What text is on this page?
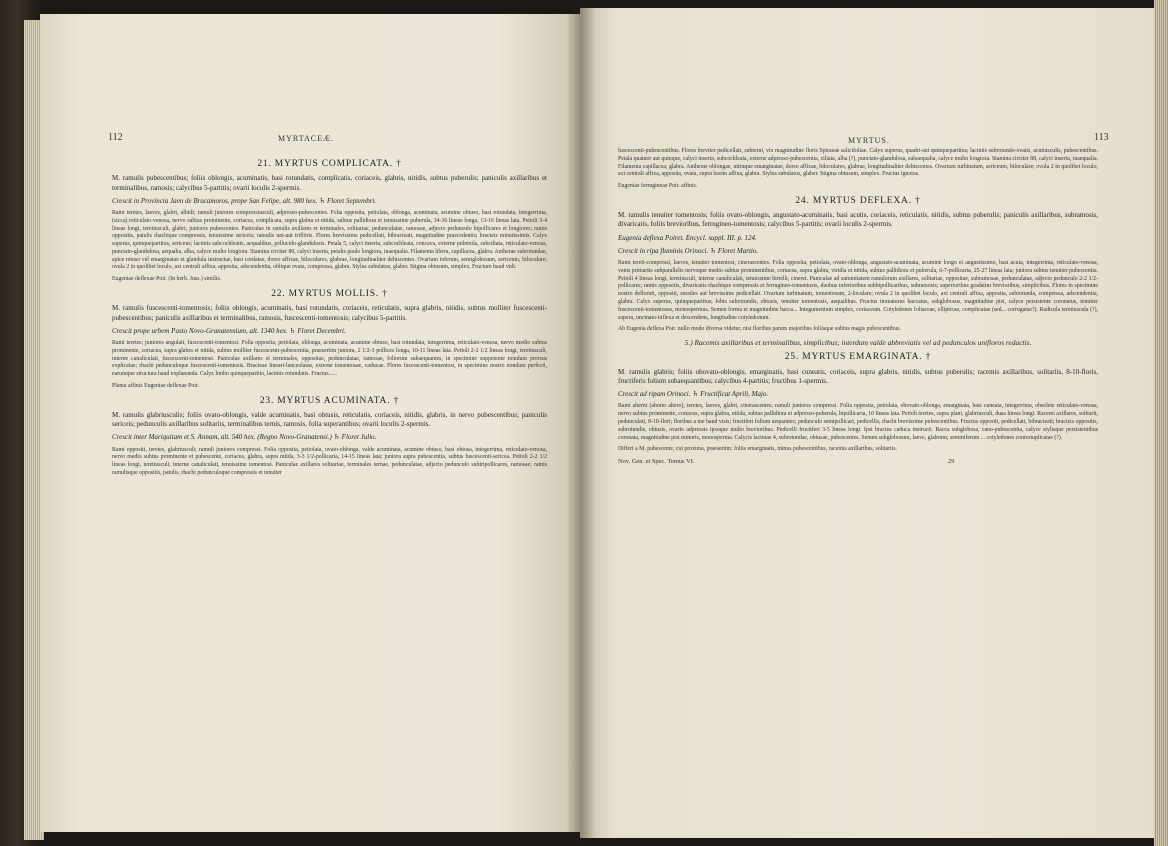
112	MYRTACEÆ.
21. MYRTUS COMPLICATA. †

M. ramulis pubescentibus; foliis oblongis, acuminatis, basi rotundatis, complicatis, coriaceis, glabris, nitidis, subtus puberulis; paniculis axillaribus et terminalibus, ramosis; calycibus 5-partitis; ovarii loculis 2-spermis.

Crescit in Provincia Jaen de Bracamoros, prope San Felipe, alt. 980 hex. ♄ Floret Septembri.

Rami teretes, laeves, glabri, albidi; ramuli juniores compressiusculi, adpresso-pubescentes. Folia opposita, petiolata, oblonga, acuminata, acumine obtuso, basi rotundata, integerrima, (sicca) reticulato-venosa, nervo subtus prominente, coriacea, complicata, supra glabra et nitida, subtus pallidiora et tenuissime puberula, 34-36 lineas longa, 13-16 lineas lata. Petioli 3-4 lineas longi, teretiusculi, glabri; juniores pubescentes. Paniculae in ramulis axillares et terminales, solitariae, pedunculatae, ramosae, adjecto pedunculo bipollicares et longiores; ramis oppositis, patulis rhachique compressis, tenuissime sericeis; ramulis uni-aut triflöris. Flores brevissime pedicellati, bibracteati, magnitudine praecedentis; bracteis minutissimis. Calyx superus, quinquepartitus, sericeus; laciniis subcochleatis, aequalibus, pellucido-glandulosis. Petala 5, calyci inserta, subcochleata, concava, externe puberula, subciliata, reticulato-venosa, punctato-glandulosa, aequalia, alba, calyce multo longiora. Stamina circiter 80, calyci inserta, petalis paulo longiora, inaequalia. Filamenta libera, capillacea, glabra. Antherae subrotundae, apice retuso vel emarginatae et glandula instructae, basi cordatae, dorso affixae, biloculares, glabrae, longitudinaliter dehiscentes. Ovarium inferum, semiglobosum, sericeum, biloculare; ovula 2 in quolibet loculo, axi centrali affixa, apposita, adscendentia, oblique ovata, compressa, glabra. Stylus subulatus, glaber. Stigma obtusum, simplex. Fructum haud vidi.

Eugeniae deflexae Poir. (In herb. Juss.) similis.

22. MYRTUS MOLLIS. †

M. ramulis fuscescenti-tomentosis; foliis oblongis, acuminatis, basi rotundatis, coriaceis, reticulatis, supra glabris, nitidis, subtus molliter fuscescenti-pubescentibus; paniculis axillaribus et terminalibus, ramosis, fuscescenti-tomentosis; calycibus 5-partitis.

Crescit prope urbem Pasto Novo-Granatensium, alt. 1340 hex. ♄ Floret Decembri.

Rami teretes; juniores angulati, fuscescenti-tomentosi. Folia opposita, petiolata, oblonga, acuminata, acumine obtuso, basi rotundata, integerrima, reticulato-venosa, nervo medio subtus prominente, coriacea, supra glabra et nitida, subtus molliter fuscescenti-pubescentia, praesertim juniora, 2 1/2-3 pollices longa, 10-11 lineas lata. Petioli 2-2 1/2 lineas longi, teretiusculi, interne canaliculati, fuscescenti-tomentosi. Paniculae axillares et terminales, oppositae, pedunculatae, ramosae, foliorum subaequantes, in specimine suppetente nondum prorsus explicatae; rhachi pedunculoque fuscescenti-tomentosis. Bracteae lineari-lanceolatae, externe tomentosae, caducae. Flores fuscescenti-tomentosi, in specimine nostro nondum perfecti, earumque structura haud explananda. Calyx limbo quinquepartito, laciniis rotundatis. Fructus......

Planta affinis Eugeniae deflexae Poir.

23. MYRTUS ACUMINATA. †

M. ramulis glabriusculis; foliis ovato-oblongis, valde acuminatis, basi obtusis, reticulatis, coriaceis, nitidis, glabris, in nervo pubescentibus; paniculis sericeis; pedunculis axillaribus solitariis, terminalibus ternis, ramosis, folia superantibus; ovarii loculis 2-spermis.

Crescit inter Mariquitam et S. Annam, alt. 540 hex. (Regno Novo-Granatensi.) ♄ Floret Julio.

Rami oppositi, teretes, glabriusculi; ramuli juniores compressi. Folia opposita, petiolata, ovato-oblonga, valde acuminata, acumine obtuso, basi obtusa, integerrima, reticulato-venosa, nervo medio subtus prominente et pubescente, coriacea, glabra, supra nitida, 3-3 1/2-pollicaria, 14-15 lineas lata; juniora supra pubescentia, subtus fuscescenti-sericea. Petioli 2-2 1/2 lineas longi, teretiusculi, interne canaliculati, tenuissime tomentosi. Paniculae axillares solitariae, terminales ternae, pedunculatae, adjecto pedunculo subtripollicares, ramosae; ramis ramulisque oppositis, patulis, rhachi pedunculoque compressis et tenuiter

MYRTUS.	113

fuscescenti-pubescentibus. Flores breviter pedicellati, subterni, vix magnitudine floris Spiraeae salicifoliae. Calyx superus, quadri-aut quinquepartitus; laciniis subrotundo-ovatis, acutiusculis, pubescentibus. Petala quatuor aut quinque, calyci inserta, subcochleata, externe adpresso-pubescentia, ciliata, alba (?), punctato-glandulosa, subaequalia, calyce multo longiora. Stamina circiter 88, calyci inserta, inaequalia. Filamenta capillacea, glabra. Antherae oblongae, utrinque emarginatae, dorso affixae, biloculares, glabrae, longitudinaliter dehiscentes. Ovarium turbinatum, sericeum, biloculare; ovula 2 in quolibet loculo, axi centrali affixa, apposita, ovata, supra basim affixa, glabra. Stylus subulatus, glaber. Stigma obtusum, simplex. Fructus ignotus.

Eugeniae ferrugineae Poir. affinis.

24. MYRTUS DEFLEXA. †

M. ramulis tenuiter tomentosis; foliis ovato-oblongis, angustato-acuminatis, basi acutis, coriaceis, reticulatis, nitidis, subtus puberulis; paniculis axillaribus, subramosis, divaricatis, foliis brevioribus, ferrugineo-tomentosis; calycibus 5-partitis; ovarii loculis 2-spermis.

Eugenia deflexa Poiret. Encycl. suppl. III. p. 124.

Crescit in ripa fluminis Orinoci. ♄ Floret Martio.

Rami tereti-compressi, laeves, tenuiter tomentosi, cinerascentes. Folia opposita, petiolata, ovato-oblonga, angustato-acuminata, acumine longo et angustissimo, basi acuta, integerrima, reticulato-venosa, venis primariis subparallelis nervoque medio subtus prominentibus, coriacea, supra glabra, viridia et nitida, subtus pallidiora et puberula, 6-7-pollicaria, 25-27 lineas lata; juniora subtus tenuiter pubescentia. Petioli 4 lineas longi, teretiusculi, interne canaliculati, tenuissime hirtelli, cinerei. Paniculae ad summitatem ramulorum axillares, solitariae, oppositae, subramosae, pedunculatae, adjecto pedunculo 2-2 1/2-pollicares; ramis oppositis, divaricatis rhachique compressis et ferrugineo-tomentosis, duobus inferioribus subbipollicaribus, subramosis; superioribus gradatim brevioribus, simplicibus. Flores in specimine nostro defloruti, oppositi, sessiles aut brevissime pedicellati. Ovarium turbinatum, tomentosum, 2-loculare; ovula 2 in quolibet loculo, axi centrali affixa, apposita, subrotunda, compressa, adscendentia, glabra. Calyx superus, quinquepartitus; lobis subrotundis, obtusis, tenuiter tomentosis, aequalibus. Fructus immaturus baccatus, subglobosus, magnitudine pisi, calyce persistente coronatus, tenuiter fuscescenti-tomentosus, monospermus. Semen forma et magnitudine bacca... Integumentum simplex, coriaceum. Cotyledones foliaceae, ellipticae, complicatae (sed... corrugatae?). Radicula teretiuscula (?), supera, uncinato-inflexa et descendens, longitudine cotyledonum.

Ab Eugenia deflexa Poir. nullo modo diversa videtur, nisi floribus parum majoribus foliisque subtus magis pubescentibus.

5.) Racemis axillaribus et terminalibus, simplicibus; interdum valde abbreviatis vel ad pedunculos unifloros redactis.

25. MYRTUS EMARGINATA. †

M. ramulis glabris; foliis obovato-oblongis, emarginatis, basi cuneatis, coriaceis, supra glabris, nitidis, subtus puberulis; racemis axillaribus, solitariis, 8-10-floris, fructiferis folium subaequantibus; calycibus 4-partitis; fructibus 1-spermis.

Crescit ad ripam Orinoci. ♄ Fructificat Aprili, Majo.

Rami alterni (aborto altero), teretes, laeves, glabri, cinerascentes; ramuli juniores compressi. Folia opposita, petiolata, obovato-oblonga, emarginata, basi cuneata, integerrima, obsolete reticulato-venosa, nervo subtus prominente, coriacea, supra glabra, nitida, subtus pallidiora et adpresso-puberula, bipollicaria, 10 lineas lata. Petioli teretes, supra plani, glabriusculi, duas lineas longi. Racemi axillares, solitarii, pedunculati, 8-10-flori; floribus a me haud visis; fructiferi folium aequantes; pedunculo semipollicari, pedicellis, rhachi brevissime pubescentibus. Fructus oppositi, pedicellati, bibracteati; bracteis oppositis, subrotundis, obtusis, ovario adpressis ipsoque multo brevioribus. Pedicelli fructiferi 3-5 lineas longi. Ipsi bractea caduca instructi. Bacca subglobosa, cano-pubescentia, calyce stylisque persistentibus coronata, magnitudine pisi minoris, monosperma. Calycis laciniae 4, subrotundae, obtusae, pubescentes. Semen subglobosum, laeve, glabrum; seminiferum ... cotyledones contortuplicatae (?).

Differt a M. pubescente, cui proxima, praesertim: foliis emarginatis, minus pubescentibus, racemis axillaribus, solitariis.

Nov. Gen. et Spec. Tomus VI.	29
